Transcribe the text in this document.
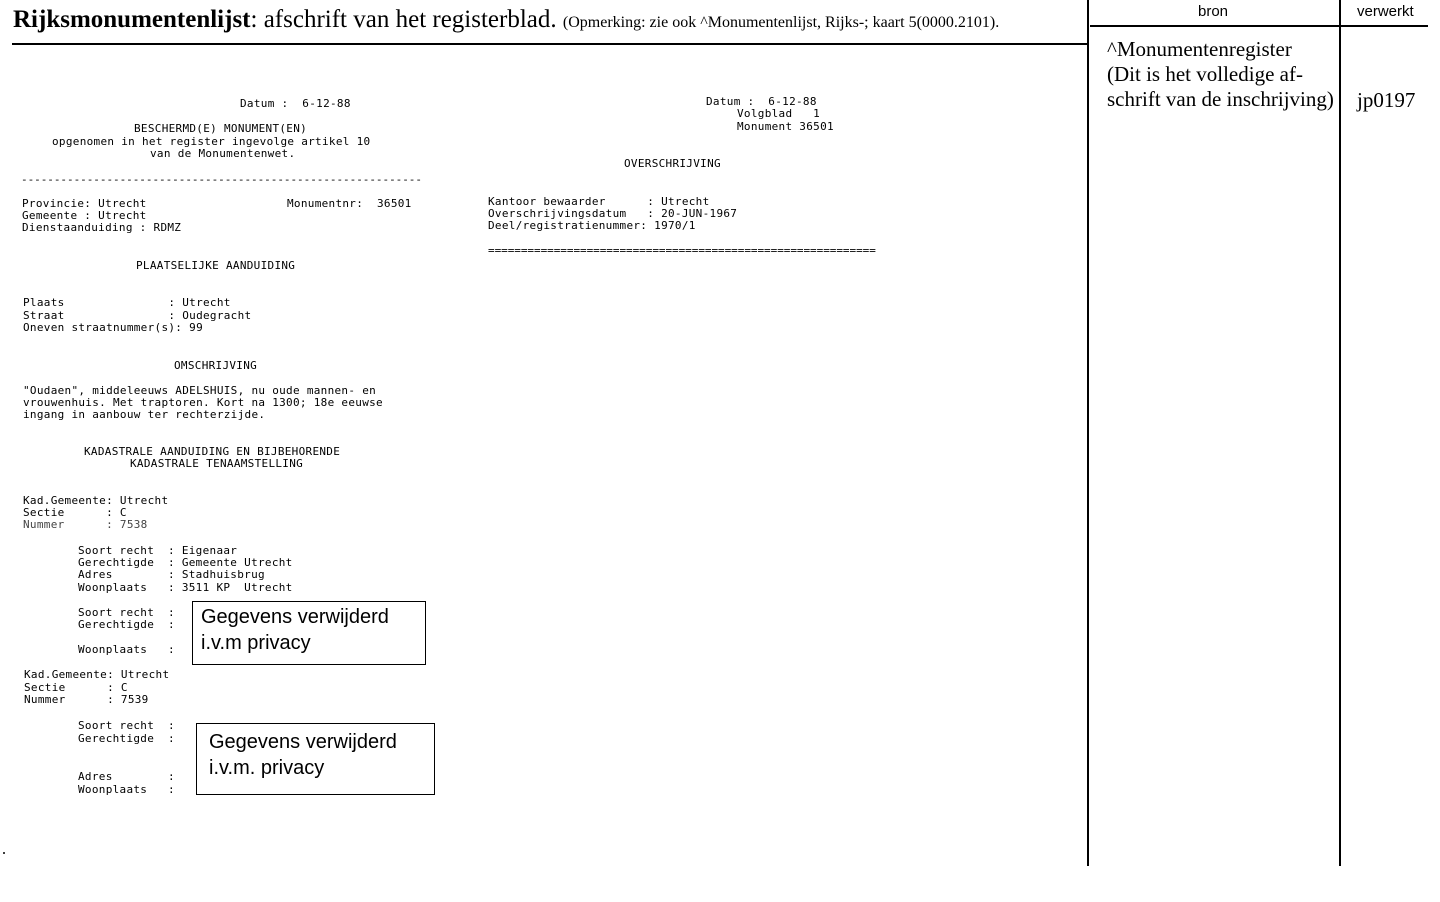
Rijksmonumentenlijst: afschrift van het registerblad. (Opmerking: zie ook ^Monumentenlijst, Rijks-; kaart 5(0000.2101).
bron	verwerkt
^Monumentenregister
(Dit is het volledige af-
schrift van de inschrijving) jp0197
Datum :  6-12-88
BESCHERMD(E) MONUMENT(EN)
opgenomen in het register ingevolge artikel 10
van de Monumentenwet.
-------------------------------------------------------------
Provincie: Utrecht	Monumentnr:  36501
Gemeente : Utrecht
Dienstaanduiding : RDMZ
PLAATSELIJKE AANDUIDING
Plaats               : Utrecht
Straat               : Oudegracht
Oneven straatnummer(s): 99
OMSCHRIJVING
"Oudaen", middeleeuws ADELSHUIS, nu oude mannen- en
vrouwenhuis. Met traptoren. Kort na 1300; 18e eeuwse
ingang in aanbouw ter rechterzijde.
KADASTRALE AANDUIDING EN BIJBEHORENDE
KADASTRALE TENAAMSTELLING
Kad.Gemeente: Utrecht
Sectie      : C
Nummer      : 7538
Soort recht  : Eigenaar
Gerechtigde  : Gemeente Utrecht
Adres        : Stadhuisbrug
Woonplaats   : 3511 KP  Utrecht
Soort recht  :
Gerechtigde  :
Woonplaats   :
Gegevens verwijderd
i.v.m privacy
Kad.Gemeente: Utrecht
Sectie      : C
Nummer      : 7539
Soort recht  :
Gerechtigde  :
Adres        :
Woonplaats   :
Gegevens verwijderd
i.v.m. privacy
Datum :  6-12-88
Volgblad   1
Monument 36501
OVERSCHRIJVING
Kantoor bewaarder      : Utrecht
Overschrijvingsdatum   : 20-JUN-1967
Deel/registratienummer: 1970/1
===========================================================
